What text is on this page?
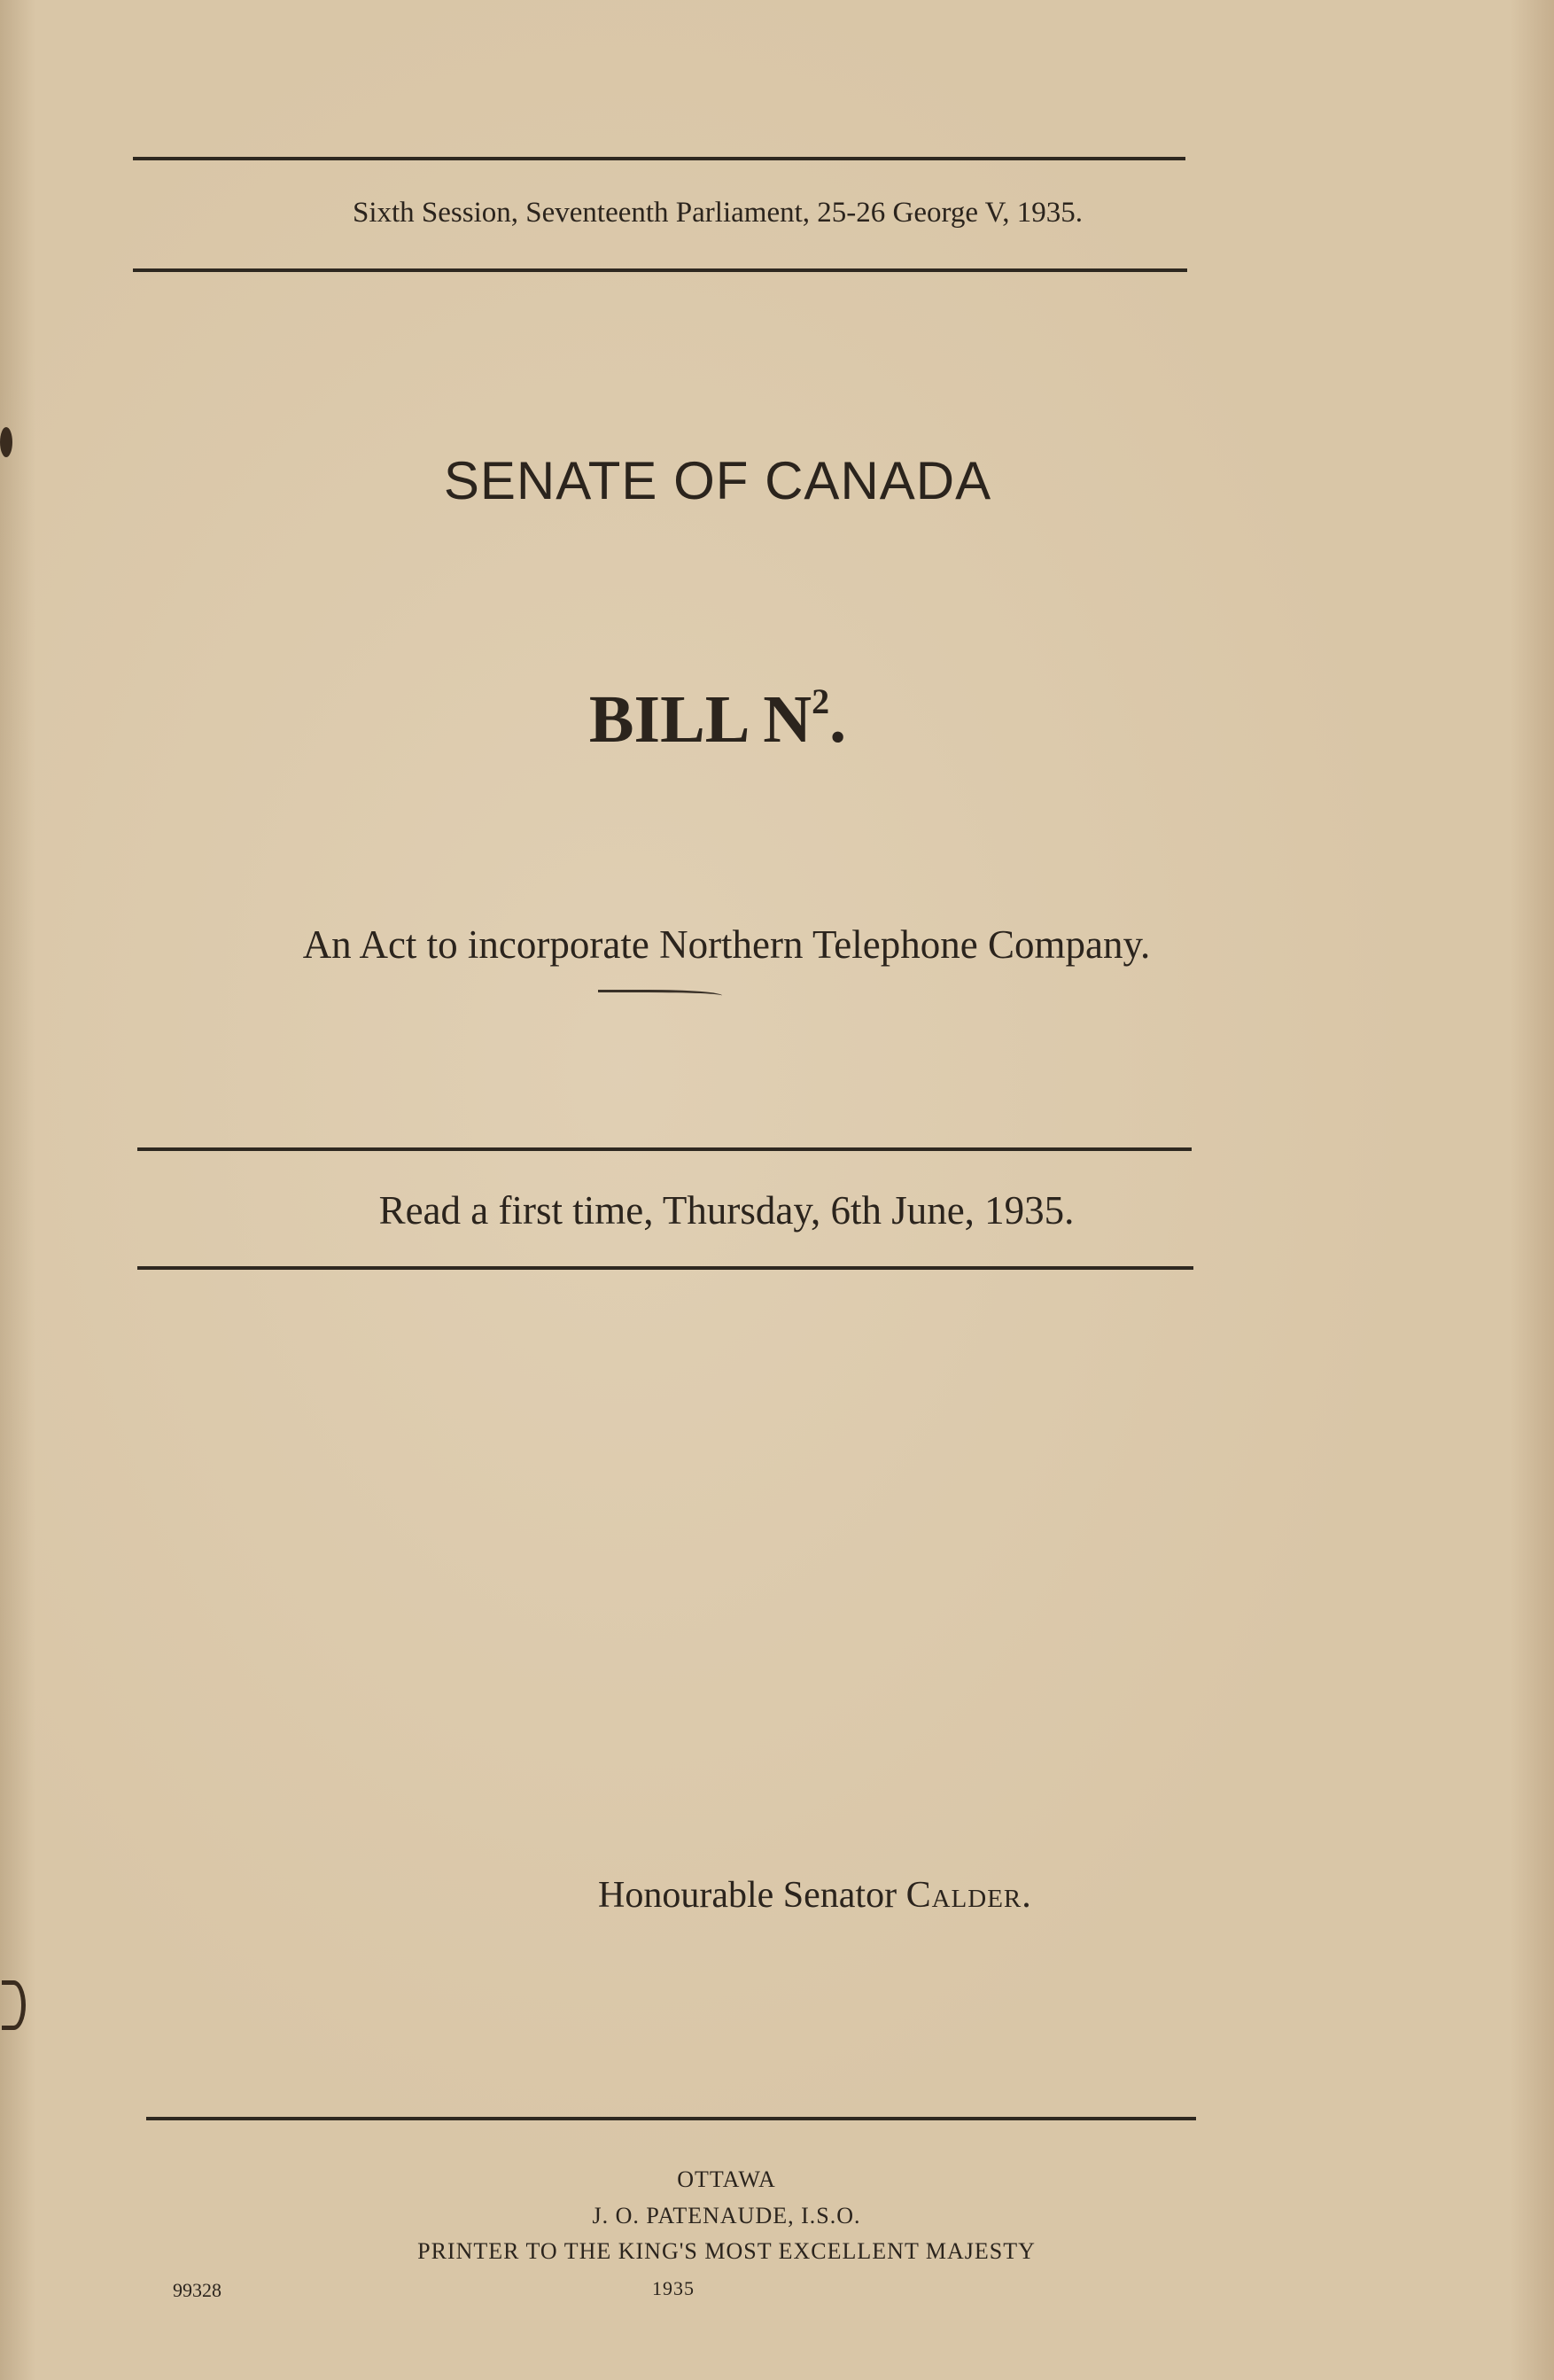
Sixth Session, Seventeenth Parliament, 25-26 George V, 1935.
SENATE OF CANADA
BILL $N^2$.
An Act to incorporate Northern Telephone Company.
Read a first time, Thursday, 6th June, 1935.
Honourable Senator Calder.
OTTAWA
J. O. PATENAUDE, I.S.O.
PRINTER TO THE KING'S MOST EXCELLENT MAJESTY
1935
99328
